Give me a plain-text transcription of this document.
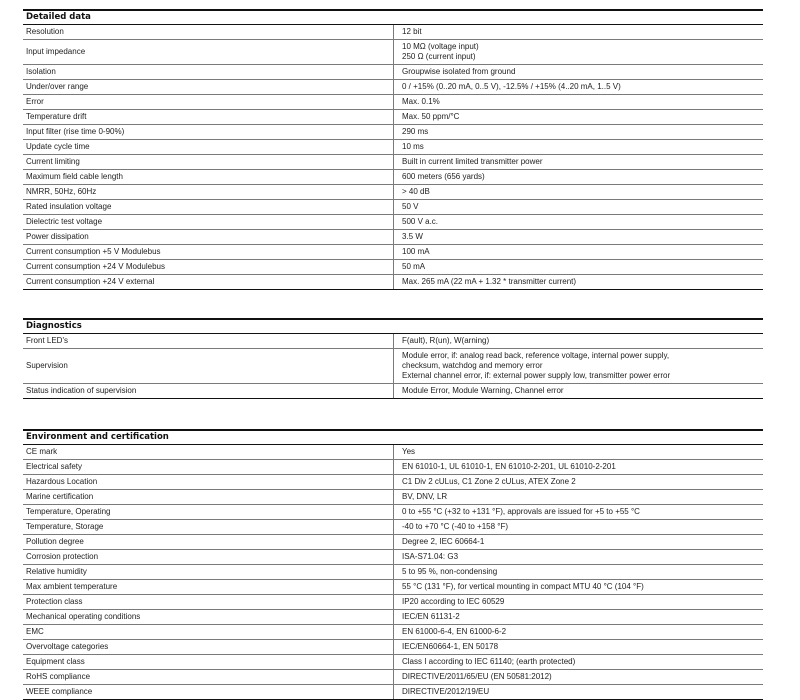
Detailed data
Resolution	12 bit

Input impedance	10 MΩ (voltage input)
250 Ω (current input)

Isolation	Groupwise isolated from ground

Under/over range	0 / +15% (0..20 mA, 0..5 V), -12.5% / +15% (4..20 mA, 1..5 V)

Error	Max. 0.1%

Temperature drift	Max. 50 ppm/°C

Input filter (rise time 0-90%)	290 ms

Update cycle time	10 ms

Current limiting	Built in current limited transmitter power

Maximum field cable length	600 meters (656 yards)

NMRR, 50Hz, 60Hz	> 40 dB

Rated insulation voltage	50 V

Dielectric test voltage	500 V a.c.

Power dissipation	3.5 W

Current consumption +5 V Modulebus	100 mA

Current consumption +24 V Modulebus	50 mA

Current consumption +24 V external	Max. 265 mA (22 mA + 1.32 * transmitter current)
Diagnostics
Front LED's	F(ault), R(un), W(arning)

Supervision	Module error, if: analog read back, reference voltage, internal power supply,
checksum, watchdog and memory error
External channel error, if: external power supply low, transmitter power error

Status indication of supervision	Module Error, Module Warning, Channel error
Environment and certification
CE mark	Yes

Electrical safety	EN 61010-1, UL 61010-1, EN 61010-2-201, UL 61010-2-201

Hazardous Location	C1 Div 2 cULus, C1 Zone 2 cULus, ATEX Zone 2

Marine certification	BV, DNV, LR

Temperature, Operating	0 to +55 °C (+32 to +131 °F), approvals are issued for +5 to +55 °C

Temperature, Storage	-40 to +70 °C (-40 to +158 °F)

Pollution degree	Degree 2, IEC 60664-1

Corrosion protection	ISA-S71.04: G3

Relative humidity	5 to 95 %, non-condensing

Max ambient temperature	55 °C (131 °F), for vertical mounting in compact MTU 40 °C (104 °F)

Protection class	IP20 according to IEC 60529

Mechanical operating conditions	IEC/EN 61131-2

EMC	EN 61000-6-4, EN 61000-6-2

Overvoltage categories	IEC/EN60664-1, EN 50178

Equipment class	Class I according to IEC 61140; (earth protected)

RoHS compliance	DIRECTIVE/2011/65/EU (EN 50581:2012)

WEEE compliance	DIRECTIVE/2012/19/EU
